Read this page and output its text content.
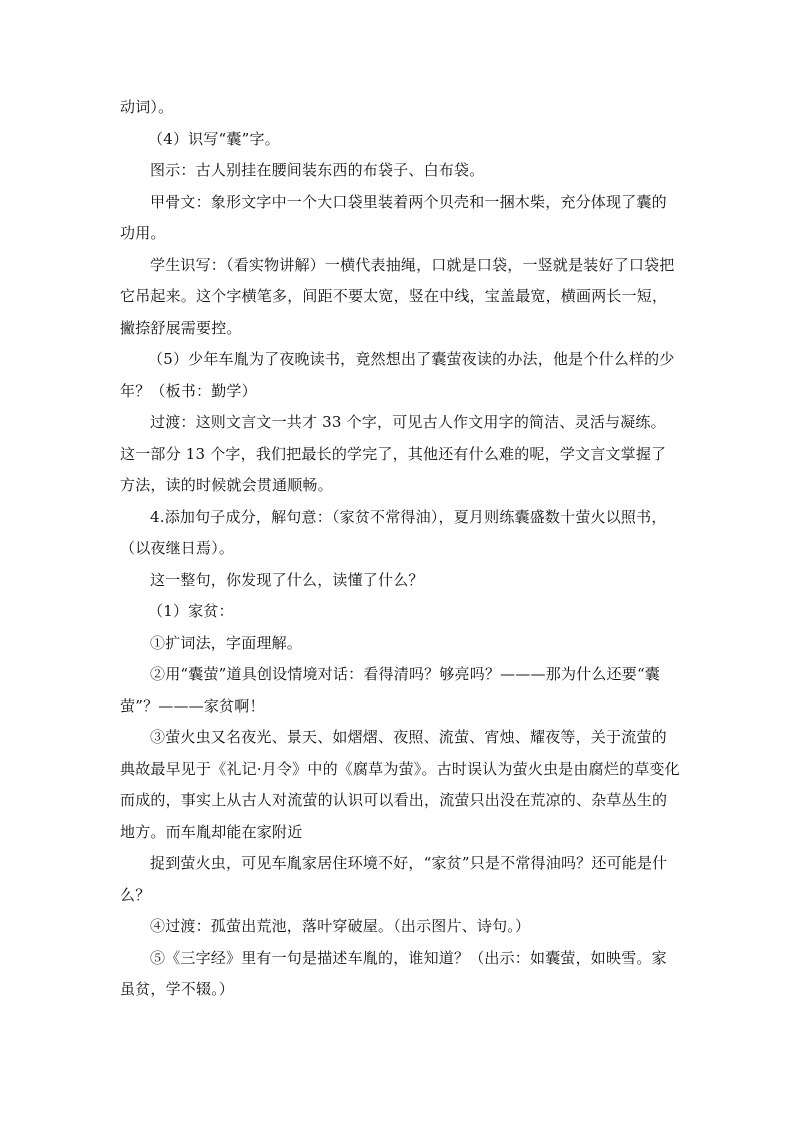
动词）。

（4）识写“囊”字。

图示：古人别挂在腰间装东西的布袋子、白布袋。

甲骨文：象形文字中一个大口袋里装着两个贝壳和一捆木柴，充分体现了囊的功用。

学生识写：（看实物讲解）一横代表抽绳，口就是口袋，一竖就是装好了口袋把它吊起来。这个字横笔多，间距不要太宽，竖在中线，宝盖最宽，横画两长一短，撇捺舒展需要控。

（5）少年车胤为了夜晚读书，竟然想出了囊萤夜读的办法，他是个什么样的少年？（板书：勤学）

过渡：这则文言文一共才 33 个字，可见古人作文用字的简洁、灵活与凝练。这一部分 13 个字，我们把最长的学完了，其他还有什么难的呢，学文言文掌握了方法，读的时候就会贯通顺畅。

4.添加句子成分，解句意：（家贫不常得油），夏月则练囊盛数十萤火以照书，（以夜继日焉）。

这一整句，你发现了什么，读懂了什么？

（1）家贫：

①扩词法，字面理解。

②用“囊萤”道具创设情境对话：看得清吗？够亮吗？———那为什么还要“囊萤”？———家贫啊！

③萤火虫又名夜光、景天、如熠熠、夜照、流萤、宵烛、耀夜等，关于流萤的典故最早见于《礼记·月令》中的《腐草为萤》。古时误认为萤火虫是由腐烂的草变化而成的，事实上从古人对流萤的认识可以看出，流萤只出没在荒凉的、杂草丛生的地方。而车胤却能在家附近

捉到萤火虫，可见车胤家居住环境不好，“家贫”只是不常得油吗？还可能是什么？

④过渡：孤萤出荒池，落叶穿破屋。（出示图片、诗句。）

⑤《三字经》里有一句是描述车胤的，谁知道？（出示：如囊萤，如映雪。家虽贫，学不辍。）
